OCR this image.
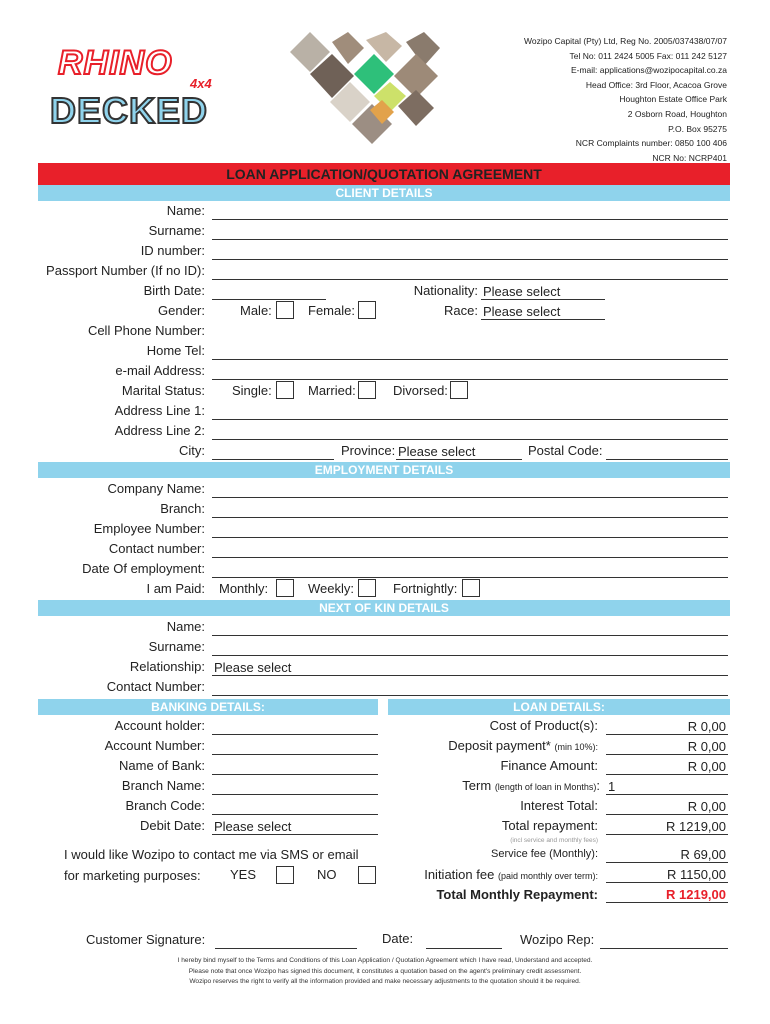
RHINO
4x4
DECKED
Wozipo Capital (Pty) Ltd, Reg No. 2005/037438/07/07
Tel No: 011 2424 5005 Fax: 011 242 5127
E-mail: applications@wozipocapital.co.za
Head Office: 3rd Floor, Acacoa Grove
Houghton Estate Office Park
2 Osborn Road, Houghton
P.O. Box 95275
NCR Complaints number: 0850 100 406
NCR No: NCRP401
LOAN APPLICATION/QUOTATION AGREEMENT
CLIENT DETAILS
Name:
Surname:
ID number:
Passport Number (If no ID):
Birth Date:	Nationality: Please select
Gender:	Male:	Female:	Race: Please select
Cell Phone Number:
Home Tel:
e-mail Address:
Marital Status: Single:	Married:	Divorsed:
Address Line 1:
Address Line 2:
City:	Province: Please select	Postal Code:
EMPLOYMENT DETAILS
Company Name:
Branch:
Employee Number:
Contact number:
Date Of employment:
I am Paid: Monthly:	Weekly:	Fortnightly:
NEXT OF KIN DETAILS
Name:
Surname:
Relationship: Please select
Contact Number:
BANKING DETAILS:	LOAN DETAILS:
Account holder:
Account Number:
Name of Bank:
Branch Name:
Branch Code:
Debit Date: Please select
Cost of Product(s):	R 0,00
Deposit payment* (min 10%):	R 0,00
Finance Amount:	R 0,00
Term (length of loan in Months): 1
Interest Total:	R 0,00
Total repayment:	R 1219,00
(incl service and monthly fees)
Service fee (Monthly):	R 69,00
Initiation fee (paid monthly over term):	R 1150,00
Total Monthly Repayment:	R 1219,00
I would like Wozipo to contact me via SMS or email
for marketing purposes: YES	NO
Customer Signature:	Date:	Wozipo Rep:
I hereby bind myself to the Terms and Conditions of this Loan Application / Quotation Agreement which I have read, Understand and accepted.
Please note that once Wozipo has signed this document, it constitutes a quotation based on the agent's preliminary credit assessment.
Wozipo reserves the right to verify all the information provided and make necessary adjustments to the quotation should it be required.
